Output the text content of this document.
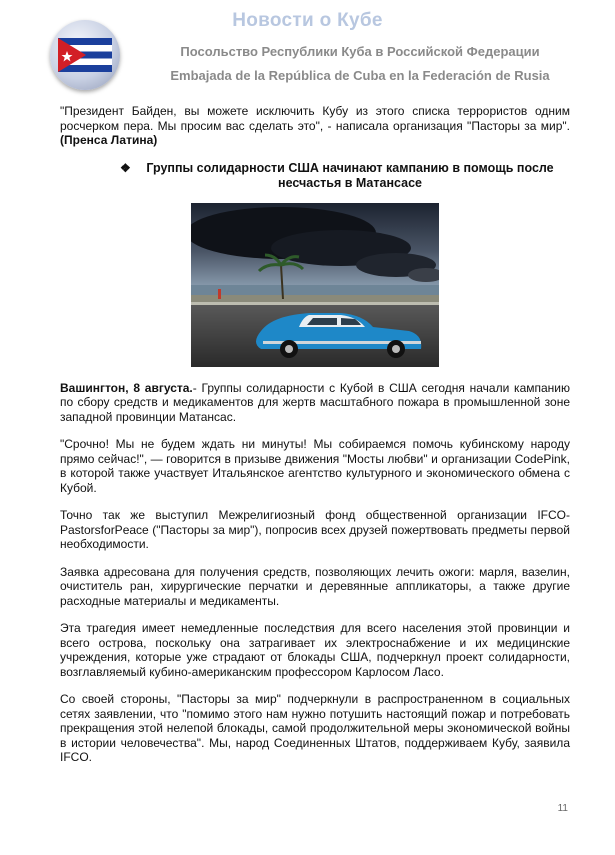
Новости о Кубе
Посольство Республики Куба в Российской Федерации
Embajada de la República de Cuba en la Federación de Rusia

"Президент Байден, вы можете исключить Кубу из этого списка террористов одним росчерком пера. Мы просим вас сделать это", - написала организация "Пасторы за мир". (Пренса Латина)

❖ Группы солидарности США начинают кампанию в помощь после несчастья в Матансасе

Вашингтон, 8 августа.- Группы солидарности с Кубой в США сегодня начали кампанию по сбору средств и медикаментов для жертв масштабного пожара в промышленной зоне западной провинции Матансас.

"Срочно! Мы не будем ждать ни минуты! Мы собираемся помочь кубинскому народу прямо сейчас!", — говорится в призыве движения "Мосты любви" и организации CodePink, в которой также участвует Итальянское агентство культурного и экономического обмена с Кубой.

Точно так же выступил Межрелигиозный фонд общественной организации IFCO-PastorsforPeace ("Пасторы за мир"), попросив всех друзей пожертвовать предметы первой необходимости.

Заявка адресована для получения средств, позволяющих лечить ожоги: марля, вазелин, очиститель ран, хирургические перчатки и деревянные аппликаторы, а также другие расходные материалы и медикаменты.

Эта трагедия имеет немедленные последствия для всего населения этой провинции и всего острова, поскольку она затрагивает их электроснабжение и их медицинские учреждения, которые уже страдают от блокады США, подчеркнул проект солидарности, возглавляемый кубино-американским профессором Карлосом Ласо.

Со своей стороны, "Пасторы за мир" подчеркнули в распространенном в социальных сетях заявлении, что "помимо этого нам нужно потушить настоящий пожар и потребовать прекращения этой нелепой блокады, самой продолжительной меры экономической войны в истории человечества". Мы, народ Соединенных Штатов, поддерживаем Кубу, заявила IFCO.

11
